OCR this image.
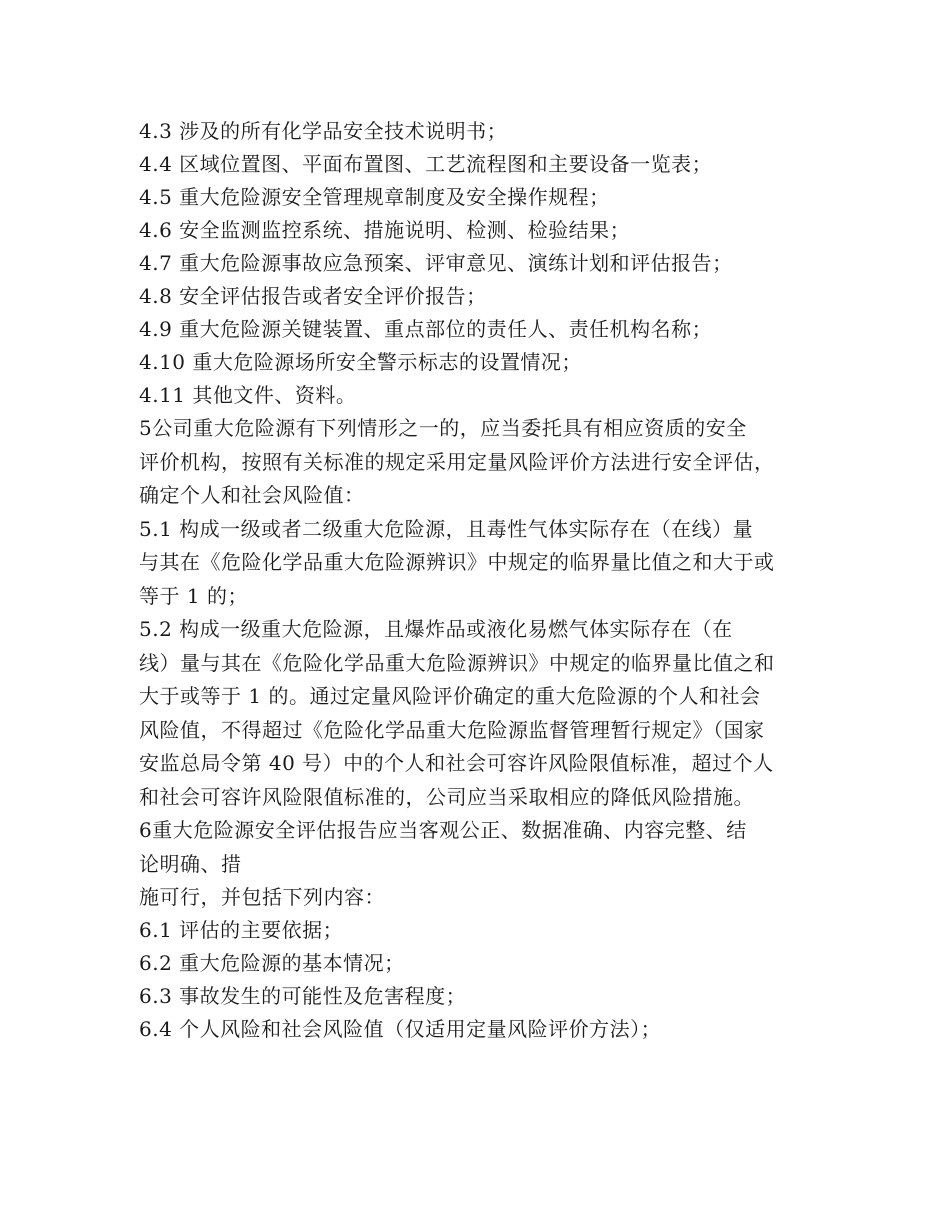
4.3 涉及的所有化学品安全技术说明书；
4.4 区域位置图、平面布置图、工艺流程图和主要设备一览表；
4.5 重大危险源安全管理规章制度及安全操作规程；
4.6 安全监测监控系统、措施说明、检测、检验结果；
4.7 重大危险源事故应急预案、评审意见、演练计划和评估报告；
4.8 安全评估报告或者安全评价报告；
4.9 重大危险源关键装置、重点部位的责任人、责任机构名称；
4.10 重大危险源场所安全警示标志的设置情况；
4.11 其他文件、资料。
5公司重大危险源有下列情形之一的，应当委托具有相应资质的安全
评价机构，按照有关标准的规定采用定量风险评价方法进行安全评估，
确定个人和社会风险值：
5.1 构成一级或者二级重大危险源，且毒性气体实际存在（在线）量
与其在《危险化学品重大危险源辨识》中规定的临界量比值之和大于或
等于 1 的；
5.2 构成一级重大危险源，且爆炸品或液化易燃气体实际存在（在
线）量与其在《危险化学品重大危险源辨识》中规定的临界量比值之和
大于或等于 1 的。通过定量风险评价确定的重大危险源的个人和社会
风险值，不得超过《危险化学品重大危险源监督管理暂行规定》（国家
安监总局令第 40 号）中的个人和社会可容许风险限值标准，超过个人
和社会可容许风险限值标准的，公司应当采取相应的降低风险措施。
6重大危险源安全评估报告应当客观公正、数据准确、内容完整、结
论明确、措
施可行，并包括下列内容：
6.1 评估的主要依据；
6.2 重大危险源的基本情况；
6.3 事故发生的可能性及危害程度；
6.4 个人风险和社会风险值（仅适用定量风险评价方法）；
